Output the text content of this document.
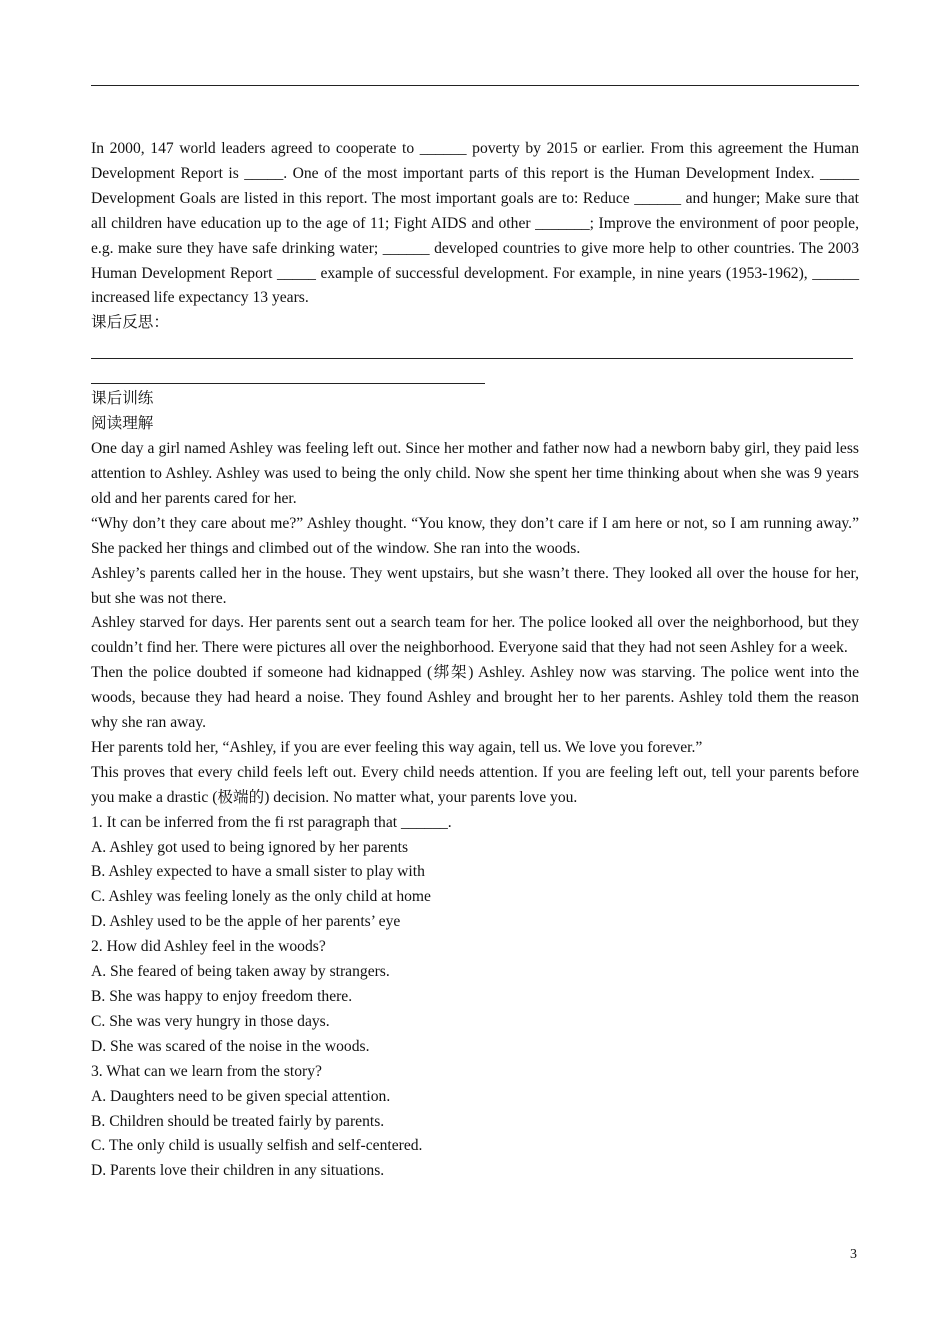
In 2000, 147 world leaders agreed to cooperate to ______ poverty by 2015 or earlier. From this agreement the Human Development Report is _____. One of the most important parts of this report is the Human Development Index. _____ Development Goals are listed in this report. The most important goals are to: Reduce ______ and hunger; Make sure that all children have education up to the age of 11; Fight AIDS and other _______; Improve the environment of poor people, e.g. make sure they have safe drinking water; ______ developed countries to give more help to other countries. The 2003 Human Development Report _____ example of successful development. For example, in nine years (1953-1962), ______ increased life expectancy 13 years.

课后反思：

课后训练

阅读理解

One day a girl named Ashley was feeling left out. Since her mother and father now had a newborn baby girl, they paid less attention to Ashley. Ashley was used to being the only child. Now she spent her time thinking about when she was 9 years old and her parents cared for her.

“Why don’t they care about me?” Ashley thought. “You know, they don’t care if I am here or not, so I am running away.” She packed her things and climbed out of the window. She ran into the woods.

Ashley’s parents called her in the house. They went upstairs, but she wasn’t there. They looked all over the house for her, but she was not there.

Ashley starved for days. Her parents sent out a search team for her. The police looked all over the neighborhood, but they couldn’t find her. There were pictures all over the neighborhood. Everyone said that they had not seen Ashley for a week.

Then the police doubted if someone had kidnapped (绑架) Ashley. Ashley now was starving. The police went into the woods, because they had heard a noise. They found Ashley and brought her to her parents. Ashley told them the reason why she ran away.

Her parents told her, “Ashley, if you are ever feeling this way again, tell us. We love you forever.”

This proves that every child feels left out. Every child needs attention. If you are feeling left out, tell your parents before you make a drastic (极端的) decision. No matter what, your parents love you.

1. It can be inferred from the fi rst paragraph that ______.

A. Ashley got used to being ignored by her parents

B. Ashley expected to have a small sister to play with

C. Ashley was feeling lonely as the only child at home

D. Ashley used to be the apple of her parents’ eye

2. How did Ashley feel in the woods?

A. She feared of being taken away by strangers.

B. She was happy to enjoy freedom there.

C. She was very hungry in those days.

D. She was scared of the noise in the woods.

3. What can we learn from the story?

A. Daughters need to be given special attention.

B. Children should be treated fairly by parents.

C. The only child is usually selfish and self-centered.

D. Parents love their children in any situations.

3
